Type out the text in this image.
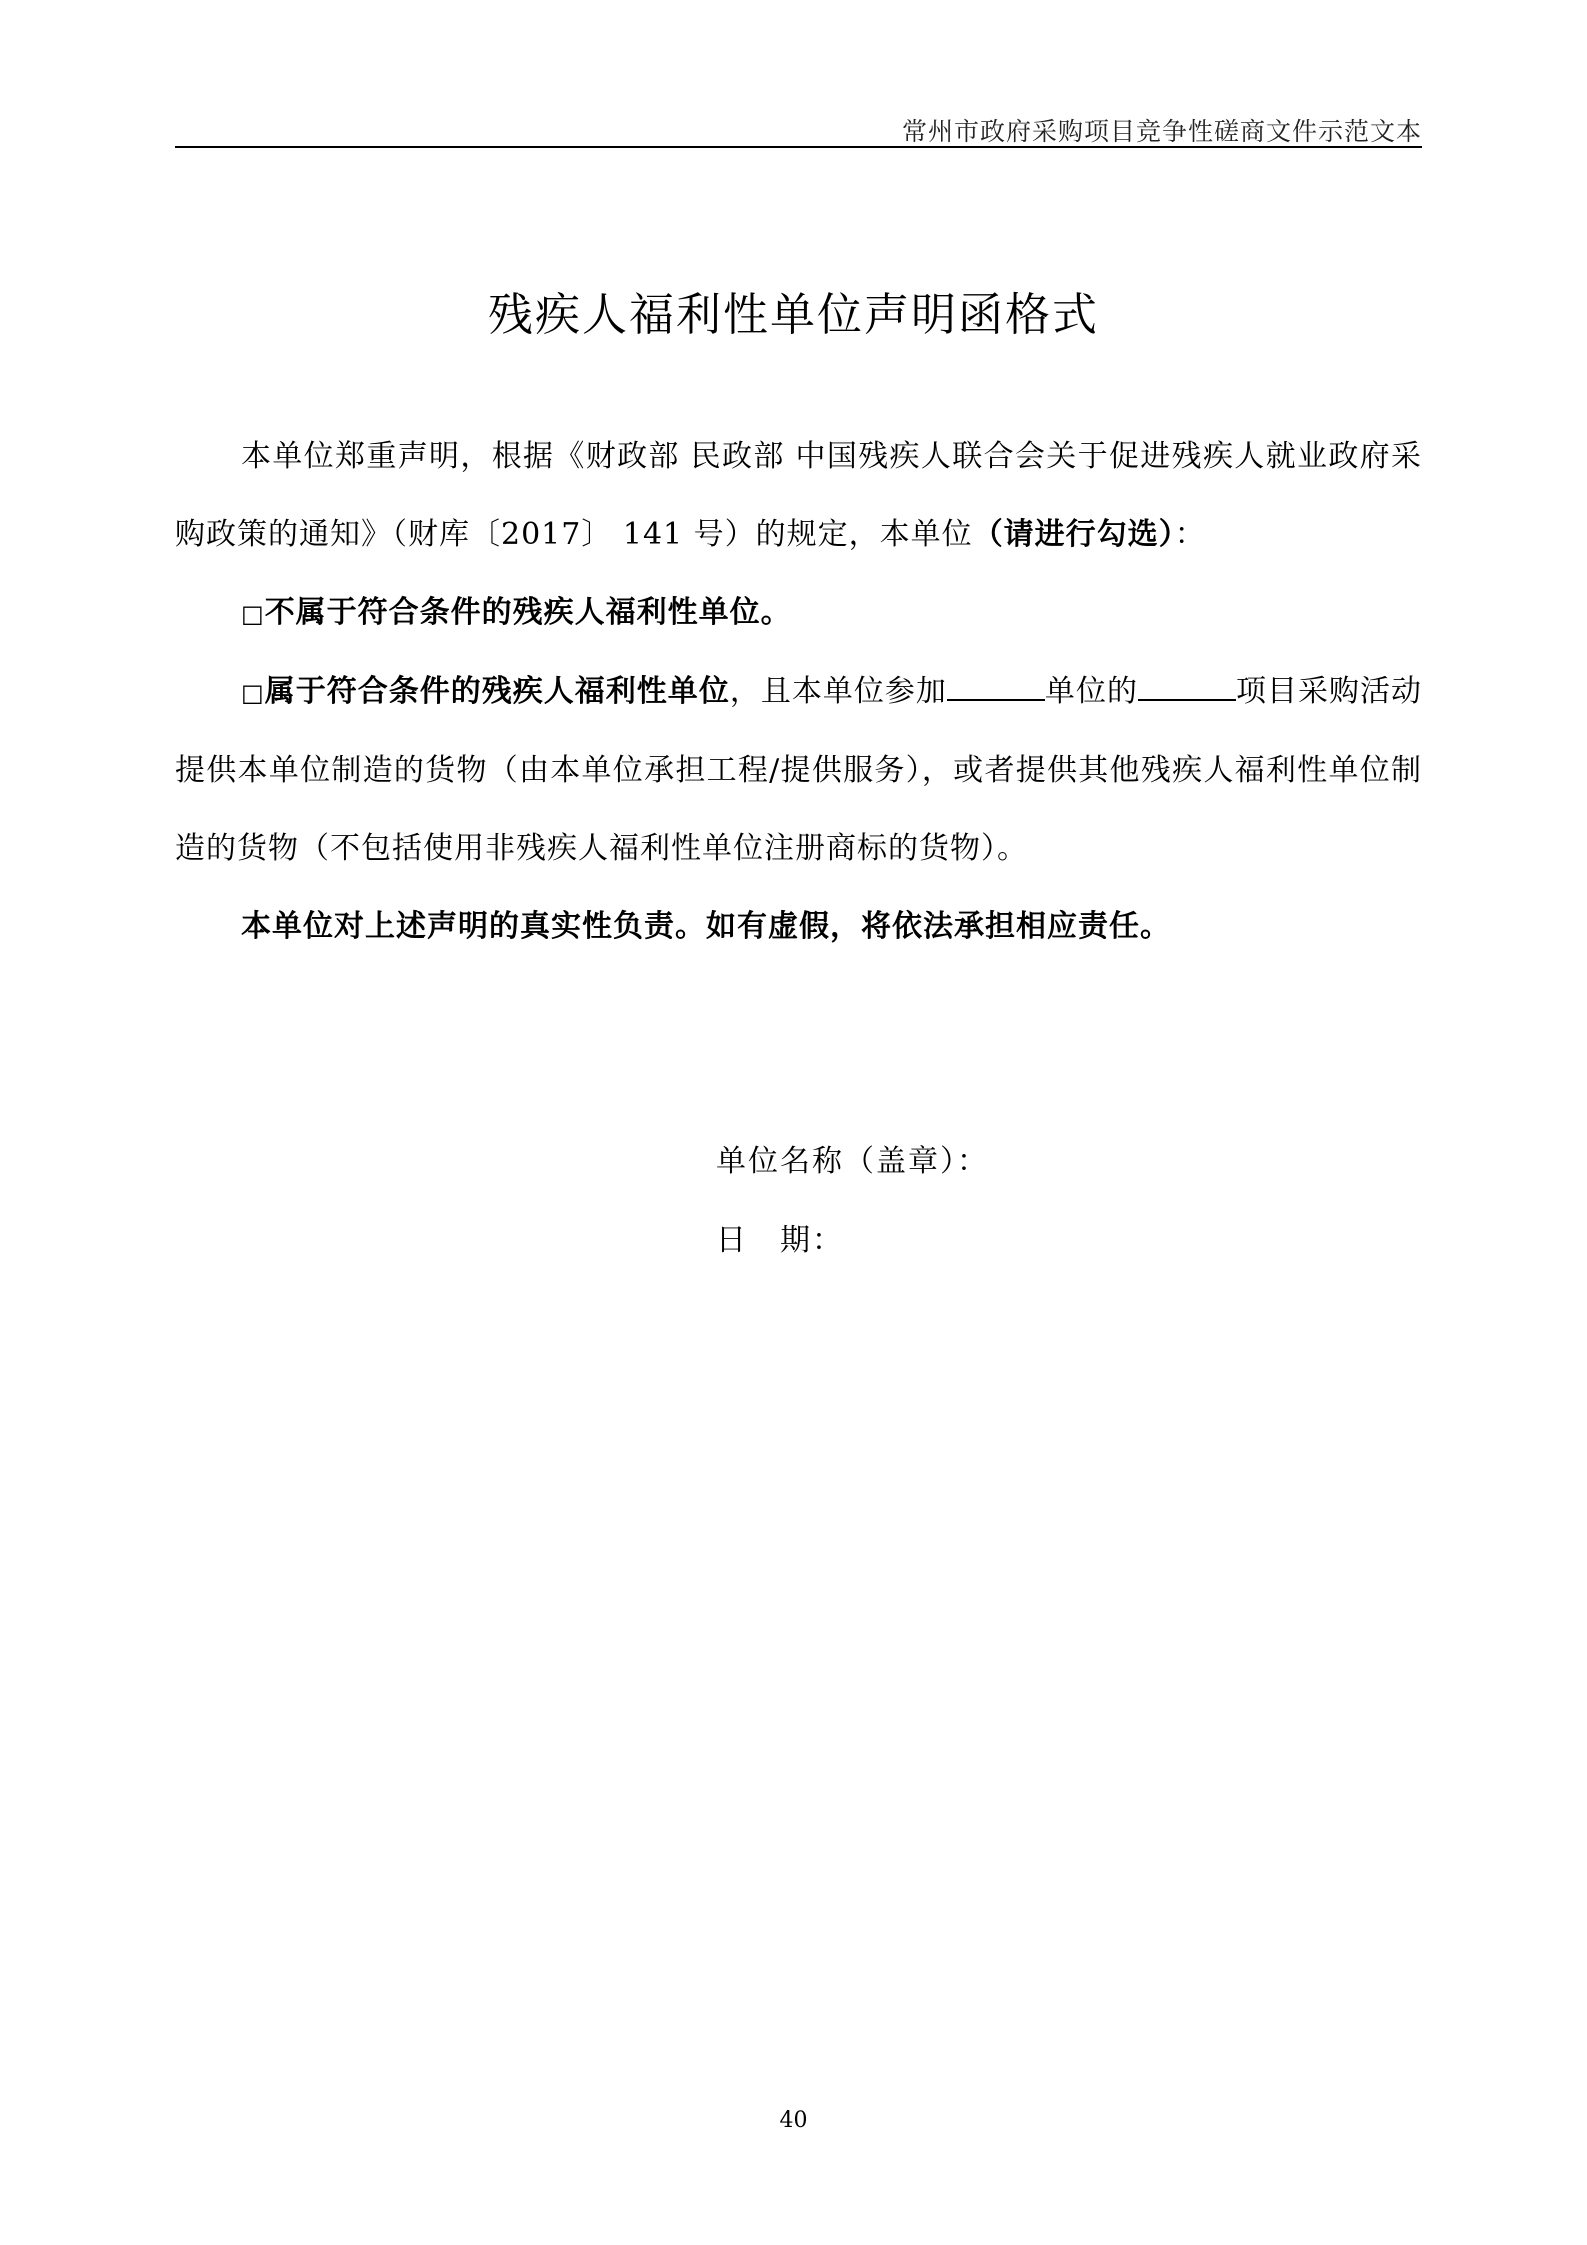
常州市政府采购项目竞争性磋商文件示范文本
残疾人福利性单位声明函格式

本单位郑重声明，根据《财政部 民政部 中国残疾人联合会关于促进残疾人就业政府采购政策的通知》（财库〔2017〕 141 号）的规定，本单位（请进行勾选）：

□不属于符合条件的残疾人福利性单位。

□属于符合条件的残疾人福利性单位，且本单位参加	单位的	项目采购活动提供本单位制造的货物（由本单位承担工程/提供服务），或者提供其他残疾人福利性单位制造的货物（不包括使用非残疾人福利性单位注册商标的货物）。

本单位对上述声明的真实性负责。如有虚假，将依法承担相应责任。

单位名称（盖章）：
日　期：
40
